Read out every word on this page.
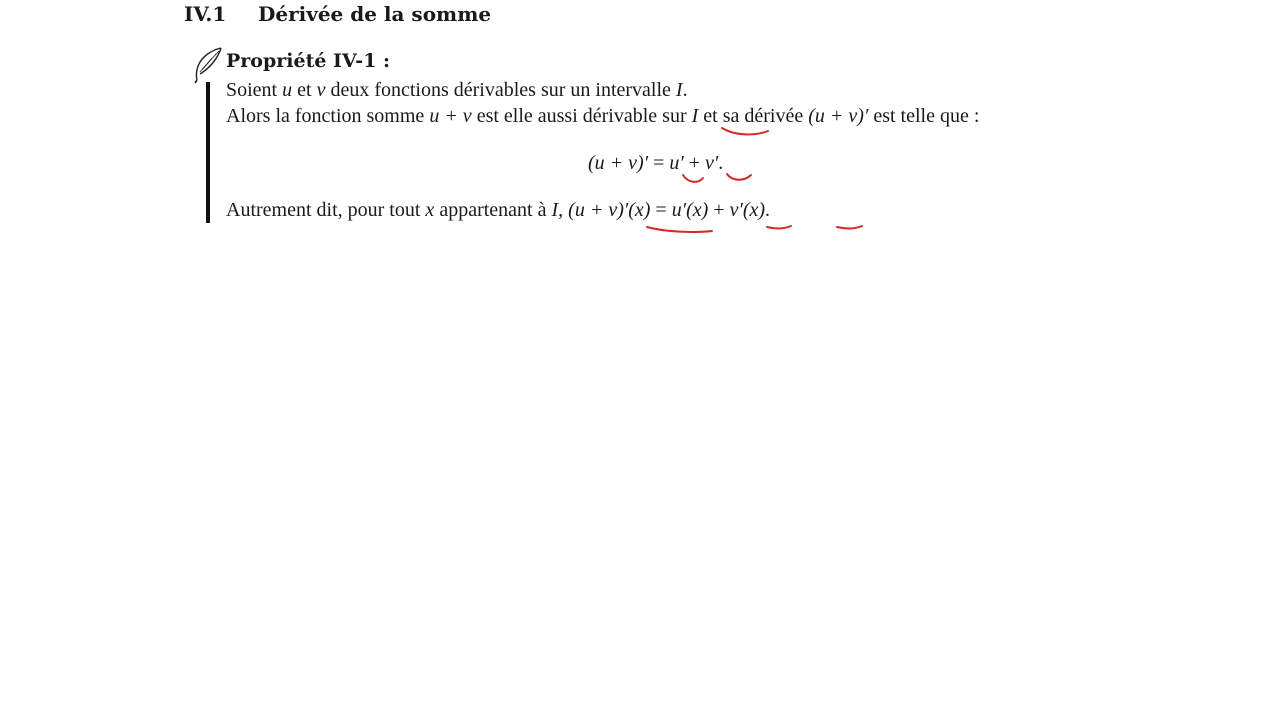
IV.1 Dérivée de la somme
Propriété IV-1 :
Soient u et v deux fonctions dérivables sur un intervalle I.
Alors la fonction somme u + v est elle aussi dérivable sur I et sa dérivée (u + v)′ est telle que :
(u + v)′ = u′ + v′.
Autrement dit, pour tout x appartenant à I, (u + v)′(x) = u′(x) + v′(x).
